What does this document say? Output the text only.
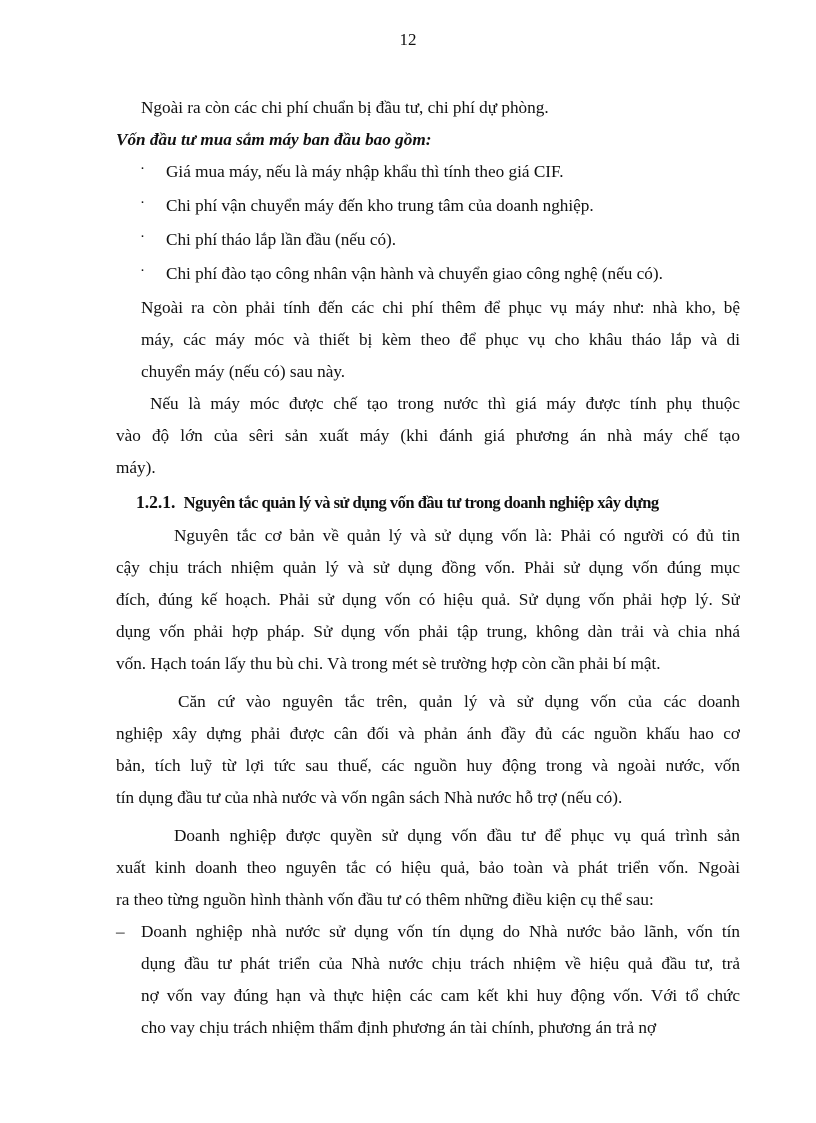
12
Ngoài ra còn các chi phí chuẩn bị đầu tư, chi phí dự phòng.
Vốn đầu tư mua sắm máy ban đầu bao gồm:
· Giá mua máy, nếu là máy nhập khẩu thì tính theo giá CIF.
· Chi phí vận chuyển máy đến kho trung tâm của doanh nghiệp.
· Chi phí tháo lắp lần đầu (nếu có).
· Chi phí đào tạo công nhân vận hành và chuyển giao công nghệ (nếu có).
Ngoài ra còn phải tính đến các chi phí thêm để phục vụ máy như: nhà kho, bệ
máy, các máy móc và thiết bị kèm theo để phục vụ cho khâu tháo lắp và di
chuyển máy (nếu có) sau này.
Nếu là máy móc được chế tạo trong nước thì giá máy được tính phụ thuộc
vào độ lớn của sêri sản xuất máy (khi đánh giá phương án nhà máy chế tạo
máy).
1.2.1. Nguyên tắc quản lý và sử dụng vốn đầu tư trong doanh nghiệp xây dựng
Nguyên tắc cơ bản về quản lý và sử dụng vốn là: Phải có người có đủ tin
cậy chịu trách nhiệm quản lý và sử dụng đồng vốn. Phải sử dụng vốn đúng mục
đích, đúng kế hoạch. Phải sử dụng vốn có hiệu quả. Sử dụng vốn phải hợp lý. Sử
dụng vốn phải hợp pháp. Sử dụng vốn phải tập trung, không dàn trải và chia nhá
vốn. Hạch toán lấy thu bù chi. Và trong mét sè trường hợp còn cần phải bí mật.
Căn cứ vào nguyên tắc trên, quản lý và sử dụng vốn của các doanh
nghiệp xây dựng phải được cân đối và phản ánh đầy đủ các nguồn khấu hao cơ
bản, tích luỹ từ lợi tức sau thuế, các nguồn huy động trong và ngoài nước, vốn
tín dụng đầu tư của nhà nước và vốn ngân sách Nhà nước hỗ trợ (nếu có).
Doanh nghiệp được quyền sử dụng vốn đầu tư để phục vụ quá trình sản
xuất kinh doanh theo nguyên tắc có hiệu quả, bảo toàn và phát triển vốn. Ngoài
ra theo từng nguồn hình thành vốn đầu tư có thêm những điều kiện cụ thể sau:
– Doanh nghiệp nhà nước sử dụng vốn tín dụng do Nhà nước bảo lãnh, vốn tín
dụng đầu tư phát triển của Nhà nước chịu trách nhiệm về hiệu quả đầu tư, trả
nợ vốn vay đúng hạn và thực hiện các cam kết khi huy động vốn. Với tổ chức
cho vay chịu trách nhiệm thẩm định phương án tài chính, phương án trả nợ
